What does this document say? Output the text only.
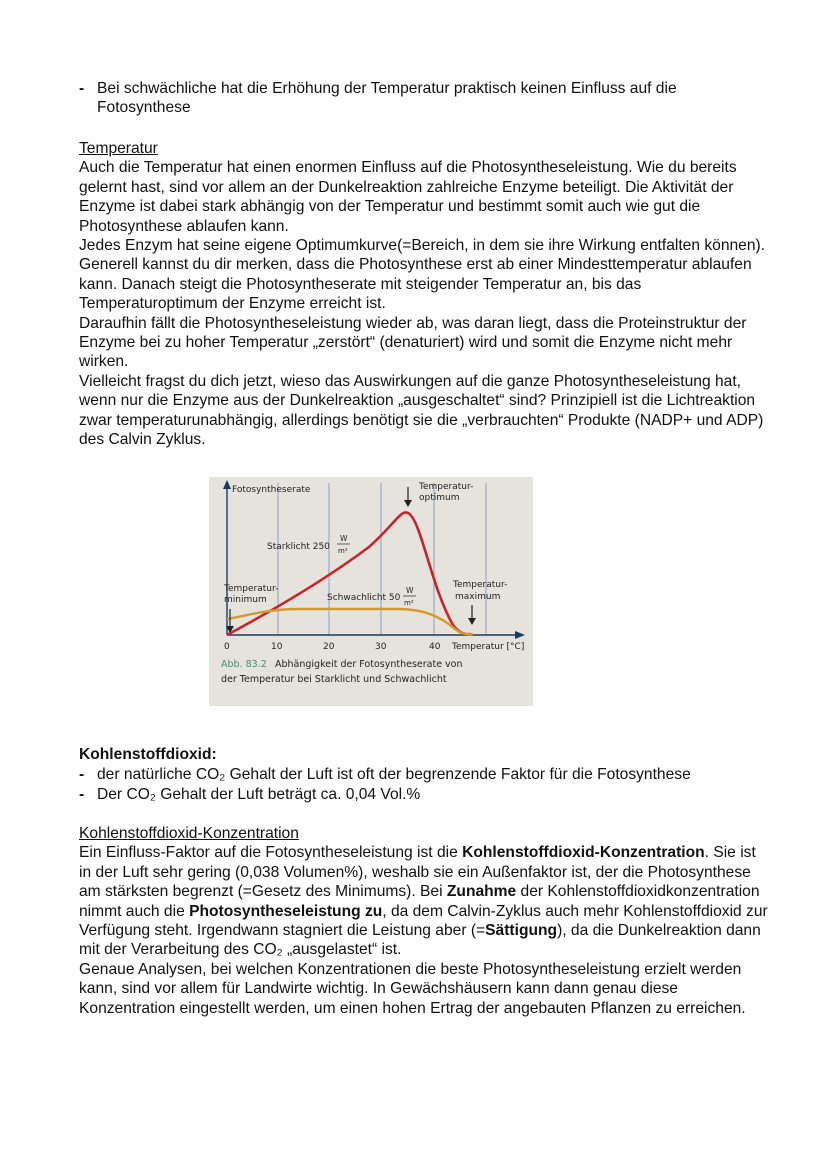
- Bei schwächliche hat die Erhöhung der Temperatur praktisch keinen Einfluss auf die Fotosynthese

Temperatur

Auch die Temperatur hat einen enormen Einfluss auf die Photosyntheseleistung. Wie du bereits gelernt hast, sind vor allem an der Dunkelreaktion zahlreiche Enzyme beteiligt. Die Aktivität der Enzyme ist dabei stark abhängig von der Temperatur und bestimmt somit auch wie gut die Photosynthese ablaufen kann.

Jedes Enzym hat seine eigene Optimumkurve(=Bereich, in dem sie ihre Wirkung entfalten können). Generell kannst du dir merken, dass die Photosynthese erst ab einer Mindesttemperatur ablaufen kann. Danach steigt die Photosyntheserate mit steigender Temperatur an, bis das Temperaturoptimum der Enzyme erreicht ist.

Daraufhin fällt die Photosyntheseleistung wieder ab, was daran liegt, dass die Proteinstruktur der Enzyme bei zu hoher Temperatur „zerstört“ (denaturiert) wird und somit die Enzyme nicht mehr wirken.

Vielleicht fragst du dich jetzt, wieso das Auswirkungen auf die ganze Photosyntheseleistung hat, wenn nur die Enzyme aus der Dunkelreaktion „ausgeschaltet“ sind? Prinzipiell ist die Lichtreaktion zwar temperaturunabhängig, allerdings benötigt sie die „verbrauchten“ Produkte (NADP+ und ADP) des Calvin Zyklus.

Fotosyntheserate	Temperatur-
optimum
Temperatur-
minimum
Temperatur-
maximum
Starklicht 250
W
m²
Schwachlicht 50
W
m²
0	10	20	30	40 Temperatur [°C]
Abb. 83.2 Abhängigkeit der Fotosyntheserate von
der Temperatur bei Starklicht und Schwachlicht

Kohlenstoffdioxid:

- der natürliche CO₂ Gehalt der Luft ist oft der begrenzende Faktor für die Fotosynthese
- Der CO₂ Gehalt der Luft beträgt ca. 0,04 Vol.%

Kohlenstoffdioxid-Konzentration

Ein Einfluss-Faktor auf die Fotosyntheseleistung ist die Kohlenstoffdioxid-Konzentration. Sie ist in der Luft sehr gering (0,038 Volumen%), weshalb sie ein Außenfaktor ist, der die Photosynthese am stärksten begrenzt (=Gesetz des Minimums). Bei Zunahme der Kohlenstoffdioxidkonzentration nimmt auch die Photosyntheseleistung zu, da dem Calvin-Zyklus auch mehr Kohlenstoffdioxid zur Verfügung steht. Irgendwann stagniert die Leistung aber (=Sättigung), da die Dunkelreaktion dann mit der Verarbeitung des CO₂ „ausgelastet“ ist.

Genaue Analysen, bei welchen Konzentrationen die beste Photosyntheseleistung erzielt werden kann, sind vor allem für Landwirte wichtig. In Gewächshäusern kann dann genau diese Konzentration eingestellt werden, um einen hohen Ertrag der angebauten Pflanzen zu erreichen.
